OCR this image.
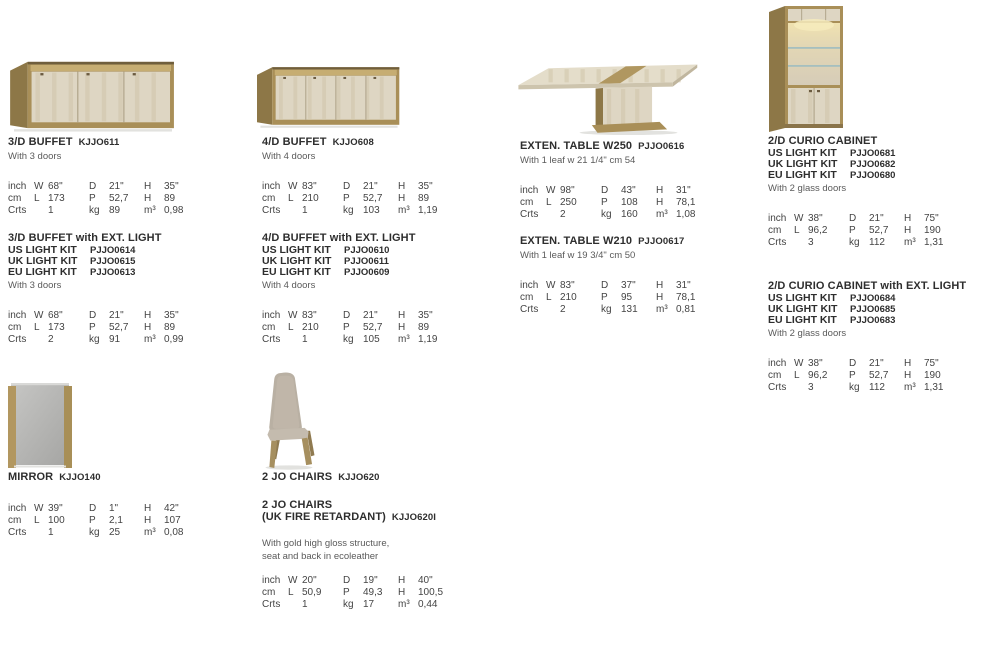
3/D BUFFET KJJO611
With 3 doors
inch W 68"	D	21"	H	35"
cm	L 173	P	52,7	H	89
Crts	1	kg 89	m³ 0,98
3/D BUFFET with EXT. LIGHT
US LIGHT KIT PJJO0614
UK LIGHT KIT PJJO0615
EU LIGHT KIT PJJO0613
With 3 doors
inch W 68"	D	21"	H	35"
cm	L 173	P	52,7	H	89
Crts	2	kg 91	m³ 0,99
4/D BUFFET KJJO608
With 4 doors
inch W 83"	D	21"	H	35"
cm	L 210	P	52,7	H	89
Crts	1	kg 103	m³ 1,19
4/D BUFFET with EXT. LIGHT
US LIGHT KIT PJJO0610
UK LIGHT KIT PJJO0611
EU LIGHT KIT PJJO0609
With 4 doors
inch W 83"	D	21"	H	35"
cm	L 210	P	52,7	H	89
Crts	1	kg 105	m³ 1,19
EXTEN. TABLE W250 PJJO0616
With 1 leaf w 21 1/4" cm 54
inch W 98"	D	43"	H	31"
cm	L 250	P	108	H	78,1
Crts	2	kg 160	m³ 1,08
EXTEN. TABLE W210 PJJO0617
With 1 leaf w 19 3/4" cm 50
inch W 83"	D	37"	H	31"
cm	L 210	P	95	H	78,1
Crts	2	kg 131	m³ 0,81
2/D CURIO CABINET
US LIGHT KIT PJJO0681
UK LIGHT KIT PJJO0682
EU LIGHT KIT PJJO0680
With 2 glass doors
inch W 38"	D	21"	H	75"
cm	L 96,2	P	52,7	H	190
Crts	3	kg 112	m³ 1,31
2/D CURIO CABINET with EXT. LIGHT
US LIGHT KIT PJJO0684
UK LIGHT KIT PJJO0685
EU LIGHT KIT PJJO0683
With 2 glass doors
inch W 38"	D	21"	H	75"
cm	L 96,2	P	52,7	H	190
Crts	3	kg 112	m³ 1,31
MIRROR KJJO140
inch W 39"	D	1"	H	42"
cm	L 100	P	2,1	H	107
Crts	1	kg 25	m³ 0,08
2 JO CHAIRS KJJO620
2 JO CHAIRS
(UK FIRE RETARDANT) KJJO620I
With gold high gloss structure,
seat and back in ecoleather
inch W 20"	D	19"	H	40"
cm	L 50,9	P	49,3	H	100,5
Crts	1	kg 17	m³ 0,44
